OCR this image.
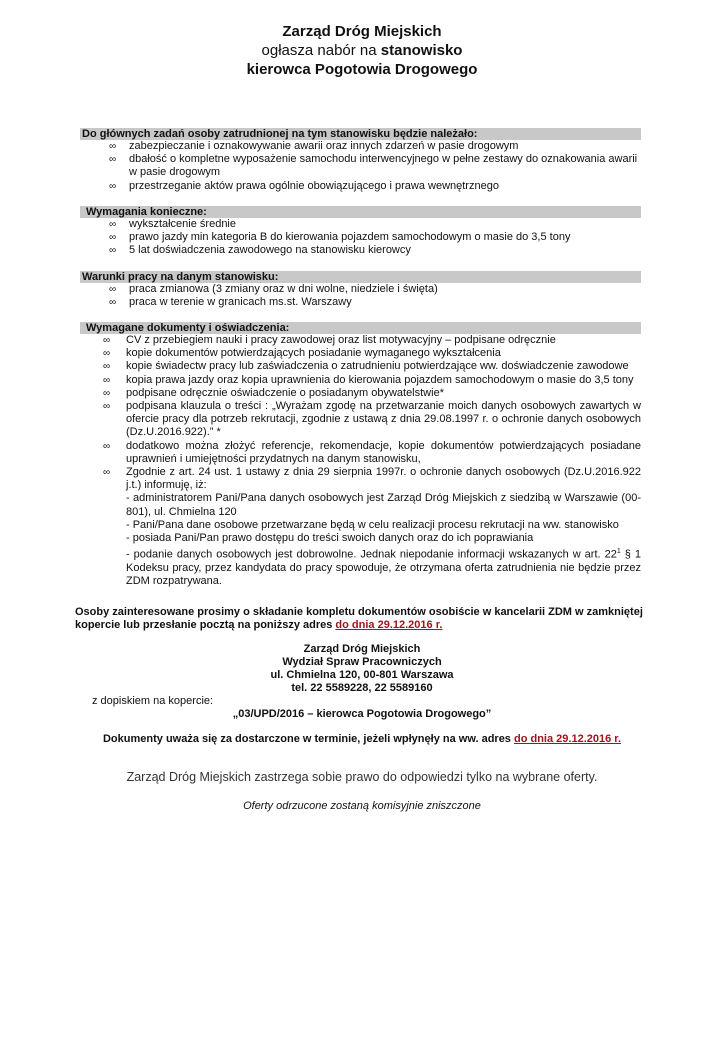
Zarząd Dróg Miejskich
ogłasza nabór na stanowisko
kierowca Pogotowia Drogowego
Do głównych zadań osoby zatrudnionej na tym stanowisku będzie należało:
∞ zabezpieczanie i oznakowywanie awarii oraz innych zdarzeń w pasie drogowym
∞ dbałość o kompletne wyposażenie samochodu interwencyjnego w pełne zestawy do oznakowania awarii w pasie drogowym
∞ przestrzeganie aktów prawa ogólnie obowiązującego i prawa wewnętrznego
Wymagania konieczne:
∞ wykształcenie średnie
∞ prawo jazdy min kategoria B do kierowania pojazdem samochodowym o masie do 3,5 tony
∞ 5 lat doświadczenia zawodowego na stanowisku kierowcy
Warunki pracy na danym stanowisku:
∞ praca zmianowa (3 zmiany oraz w dni wolne, niedziele i święta)
∞ praca w terenie w granicach ms.st. Warszawy
Wymagane dokumenty i oświadczenia:
∞ CV z przebiegiem nauki i pracy zawodowej oraz list motywacyjny – podpisane odręcznie
∞ kopie dokumentów potwierdzających posiadanie wymaganego wykształcenia
∞ kopie świadectw pracy lub zaświadczenia o zatrudnieniu potwierdzające ww. doświadczenie zawodowe
∞ kopia prawa jazdy oraz kopia uprawnienia do kierowania pojazdem samochodowym o masie do 3,5 tony
∞ podpisane odręcznie oświadczenie o posiadanym obywatelstwie*
∞ podpisana klauzula o treści : „Wyrażam zgodę na przetwarzanie moich danych osobowych zawartych w ofercie pracy dla potrzeb rekrutacji, zgodnie z ustawą z dnia 29.08.1997 r. o ochronie danych osobowych (Dz.U.2016.922).” *
∞ dodatkowo można złożyć referencje, rekomendacje, kopie dokumentów potwierdzających posiadane uprawnień i umiejętności przydatnych na danym stanowisku,
∞ Zgodnie z art. 24 ust. 1 ustawy z dnia 29 sierpnia 1997r. o ochronie danych osobowych (Dz.U.2016.922 j.t.) informuję, iż:
- administratorem Pani/Pana danych osobowych jest Zarząd Dróg Miejskich z siedzibą w Warszawie (00-801), ul. Chmielna 120
- Pani/Pana dane osobowe przetwarzane będą w celu realizacji procesu rekrutacji na ww. stanowisko
- posiada Pani/Pan prawo dostępu do treści swoich danych oraz do ich poprawiania
- podanie danych osobowych jest dobrowolne. Jednak niepodanie informacji wskazanych w art. $22^1$ § 1 Kodeksu pracy, przez kandydata do pracy spowoduje, że otrzymana oferta zatrudnienia nie będzie przez ZDM rozpatrywana.
Osoby zainteresowane prosimy o składanie kompletu dokumentów osobiście w kancelarii ZDM w zamkniętej kopercie lub przesłanie pocztą na poniższy adres do dnia 29.12.2016 r.
Zarząd Dróg Miejskich
Wydział Spraw Pracowniczych
ul. Chmielna 120, 00-801 Warszawa
tel. 22 5589228, 22 5589160
z dopiskiem na kopercie:
„03/UPD/2016 – kierowca Pogotowia Drogowego”
Dokumenty uważa się za dostarczone w terminie, jeżeli wpłynęły na ww. adres do dnia 29.12.2016 r.
Zarząd Dróg Miejskich zastrzega sobie prawo do odpowiedzi tylko na wybrane oferty.
Oferty odrzucone zostaną komisyjnie zniszczone
